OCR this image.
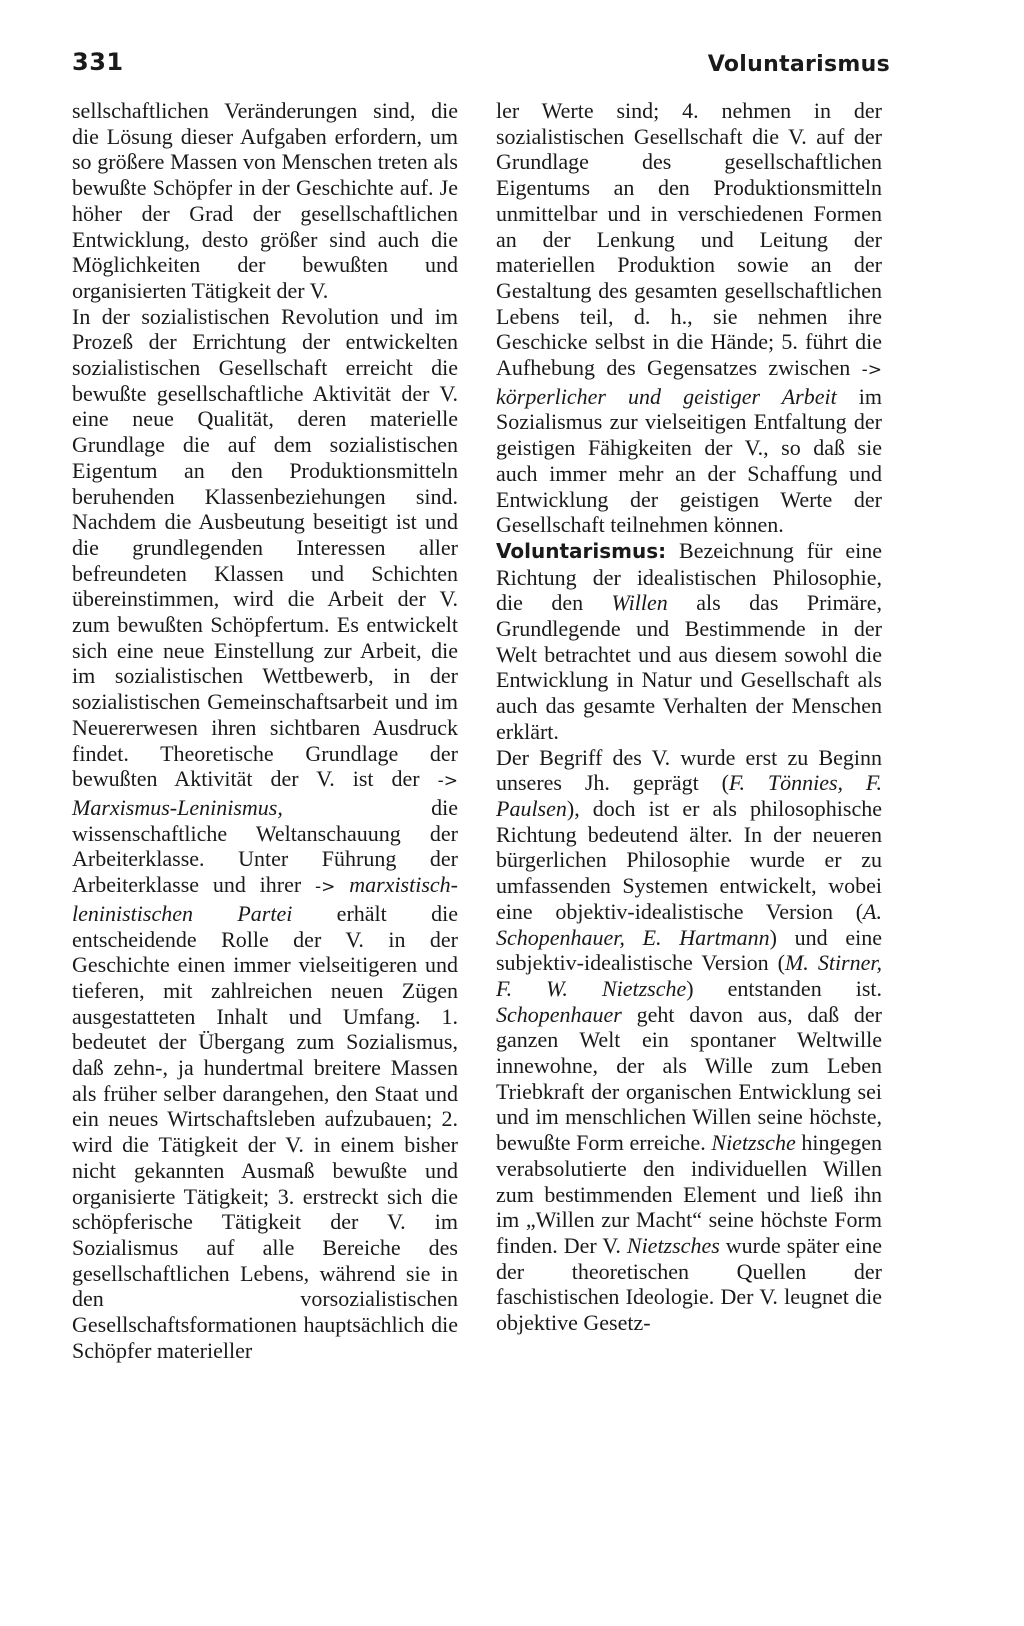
331	Voluntarismus

sellschaftlichen Veränderungen sind, die die Lösung dieser Aufgaben erfordern, um so größere Massen von Menschen treten als bewußte Schöpfer in der Geschichte auf. Je höher der Grad der gesellschaftlichen Entwicklung, desto größer sind auch die Möglichkeiten der bewußten und organisierten Tätigkeit der V.

In der sozialistischen Revolution und im Prozeß der Errichtung der entwickelten sozialistischen Gesellschaft erreicht die bewußte gesellschaftliche Aktivität der V. eine neue Qualität, deren materielle Grundlage die auf dem sozialistischen Eigentum an den Produktionsmitteln beruhenden Klassenbeziehungen sind. Nachdem die Ausbeutung beseitigt ist und die grundlegenden Interessen aller befreundeten Klassen und Schichten übereinstimmen, wird die Arbeit der V. zum bewußten Schöpfertum. Es entwickelt sich eine neue Einstellung zur Arbeit, die im sozialistischen Wettbewerb, in der sozialistischen Gemeinschaftsarbeit und im Neuererwesen ihren sichtbaren Ausdruck findet. Theoretische Grundlage der bewußten Aktivität der V. ist der -> Marxismus-Leninismus, die wissenschaftliche Weltanschauung der Arbeiterklasse. Unter Führung der Arbeiterklasse und ihrer -> marxistisch-leninistischen Partei erhält die entscheidende Rolle der V. in der Geschichte einen immer vielseitigeren und tieferen, mit zahlreichen neuen Zügen ausgestatteten Inhalt und Umfang. 1. bedeutet der Übergang zum Sozialismus, daß zehn-, ja hundertmal breitere Massen als früher selber darangehen, den Staat und ein neues Wirtschaftsleben aufzubauen; 2. wird die Tätigkeit der V. in einem bisher nicht gekannten Ausmaß bewußte und organisierte Tätigkeit; 3. erstreckt sich die schöpferische Tätigkeit der V. im Sozialismus auf alle Bereiche des gesellschaftlichen Lebens, während sie in den vorsozialistischen Gesellschaftsformationen hauptsächlich die Schöpfer materieller

ler Werte sind; 4. nehmen in der sozialistischen Gesellschaft die V. auf der Grundlage des gesellschaftlichen Eigentums an den Produktionsmitteln unmittelbar und in verschiedenen Formen an der Lenkung und Leitung der materiellen Produktion sowie an der Gestaltung des gesamten gesellschaftlichen Lebens teil, d. h., sie nehmen ihre Geschicke selbst in die Hände; 5. führt die Aufhebung des Gegensatzes zwischen -> körperlicher und geistiger Arbeit im Sozialismus zur vielseitigen Entfaltung der geistigen Fähigkeiten der V., so daß sie auch immer mehr an der Schaffung und Entwicklung der geistigen Werte der Gesellschaft teilnehmen können.

Voluntarismus: Bezeichnung für eine Richtung der idealistischen Philosophie, die den Willen als das Primäre, Grundlegende und Bestimmende in der Welt betrachtet und aus diesem sowohl die Entwicklung in Natur und Gesellschaft als auch das gesamte Verhalten der Menschen erklärt.

Der Begriff des V. wurde erst zu Beginn unseres Jh. geprägt (F. Tönnies, F. Paulsen), doch ist er als philosophische Richtung bedeutend älter. In der neueren bürgerlichen Philosophie wurde er zu umfassenden Systemen entwickelt, wobei eine objektiv-idealistische Version (A. Schopenhauer, E. Hartmann) und eine subjektiv-idealistische Version (M. Stirner, F. W. Nietzsche) entstanden ist. Schopenhauer geht davon aus, daß der ganzen Welt ein spontaner Weltwille innewohne, der als Wille zum Leben Triebkraft der organischen Entwicklung sei und im menschlichen Willen seine höchste, bewußte Form erreiche. Nietzsche hingegen verabsolutierte den individuellen Willen zum bestimmenden Element und ließ ihn im „Willen zur Macht“ seine höchste Form finden. Der V. Nietzsches wurde später eine der theoretischen Quellen der faschistischen Ideologie. Der V. leugnet die objektive Gesetz-
